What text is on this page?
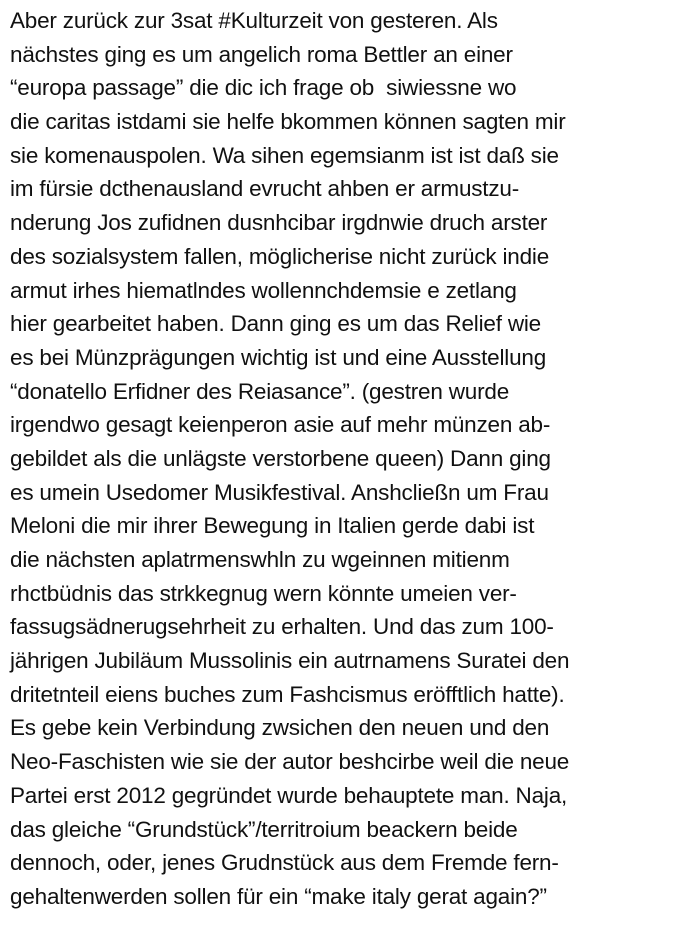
Aber zurück zur 3sat #Kulturzeit von gesteren. Als
nächstes ging es um angelich roma Bettler an einer
“europa passage” die dic ich frage ob  siwiessne wo
die caritas istdami sie helfe bkommen können sagten mir
sie komenauspolen. Wa sihen egemsianm ist ist daß sie
im fürsie dcthenausland evrucht ahben er armustzu-
nderung Jos zufidnen dusnhcibar irgdnwie druch arster
des sozialsystem fallen, möglicherise nicht zurück indie
armut irhes hiematlndes wollennchdemsie e zetlang
hier gearbeitet haben. Dann ging es um das Relief wie
es bei Münzprägungen wichtig ist und eine Ausstellung
“donatello Erfidner des Reiasance”. (gestren wurde
irgendwo gesagt keienperon asie auf mehr münzen ab-
gebildet als die unlägste verstorbene queen) Dann ging
es umein Usedomer Musikfestival. Anshcließn um Frau
Meloni die mir ihrer Bewegung in Italien gerde dabi ist
die nächsten aplatrmenswhln zu wgeinnen mitienm
rhctbüdnis das strkkegnug wern könnte umeien ver-
fassugsädnerugsehrheit zu erhalten. Und das zum 100-
jährigen Jubiläum Mussolinis ein autrnamens Suratei den
dritetnteil eiens buches zum Fashcismus eröfftlich hatte).
Es gebe kein Verbindung zwsichen den neuen und den
Neo-Faschisten wie sie der autor beshcirbe weil die neue
Partei erst 2012 gegründet wurde behauptete man. Naja,
das gleiche “Grundstück”/territroium beackern beide
dennoch, oder, jenes Grudnstück aus dem Fremde fern-
gehaltenwerden sollen für ein “make italy gerat again?”
